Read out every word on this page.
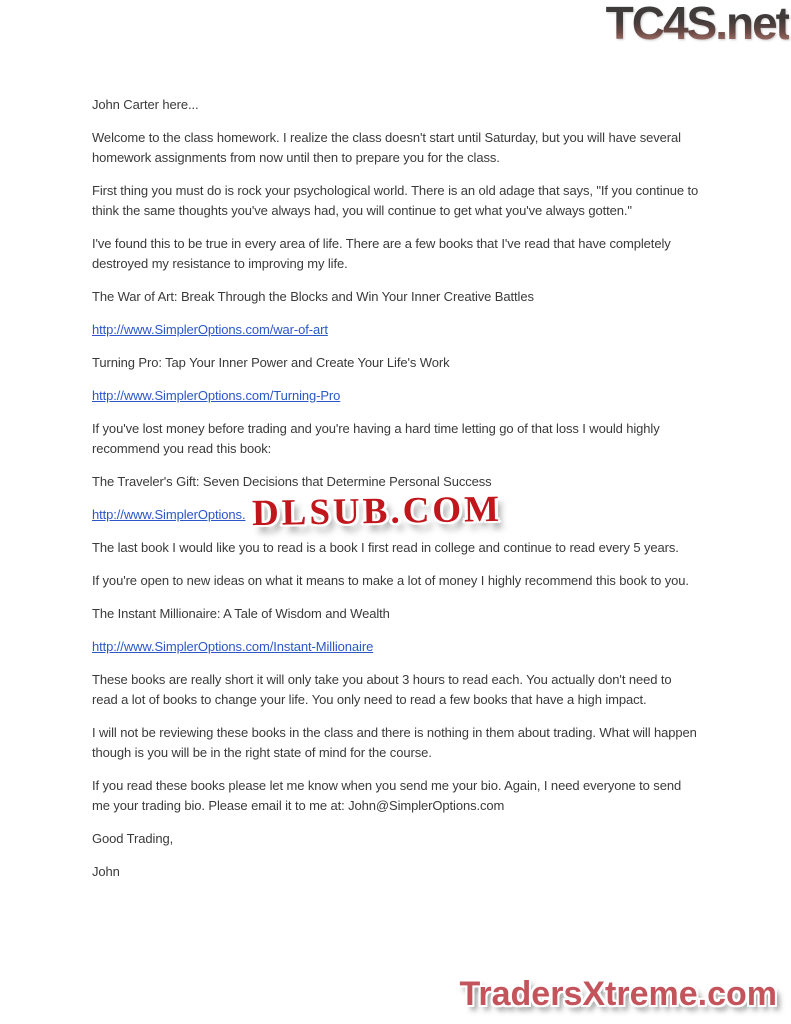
TC4S.net

John Carter here...

Welcome to the class homework. I realize the class doesn't start until Saturday, but you will have several homework assignments from now until then to prepare you for the class.

First thing you must do is rock your psychological world. There is an old adage that says, "If you continue to think the same thoughts you've always had, you will continue to get what you've always gotten."

I've found this to be true in every area of life. There are a few books that I've read that have completely destroyed my resistance to improving my life.

The War of Art: Break Through the Blocks and Win Your Inner Creative Battles

http://www.SimplerOptions.com/war-of-art

Turning Pro: Tap Your Inner Power and Create Your Life's Work

http://www.SimplerOptions.com/Turning-Pro

If you've lost money before trading and you're having a hard time letting go of that loss I would highly recommend you read this book:

The Traveler's Gift: Seven Decisions that Determine Personal Success

http://www.SimplerOptions. DLSUB.COM

The last book I would like you to read is a book I first read in college and continue to read every 5 years.

If you're open to new ideas on what it means to make a lot of money I highly recommend this book to you.

The Instant Millionaire: A Tale of Wisdom and Wealth

http://www.SimplerOptions.com/Instant-Millionaire

These books are really short it will only take you about 3 hours to read each. You actually don't need to read a lot of books to change your life. You only need to read a few books that have a high impact.

I will not be reviewing these books in the class and there is nothing in them about trading. What will happen though is you will be in the right state of mind for the course.

If you read these books please let me know when you send me your bio. Again, I need everyone to send me your trading bio. Please email it to me at: John@SimplerOptions.com

Good Trading,

John

TradersXtreme.com
